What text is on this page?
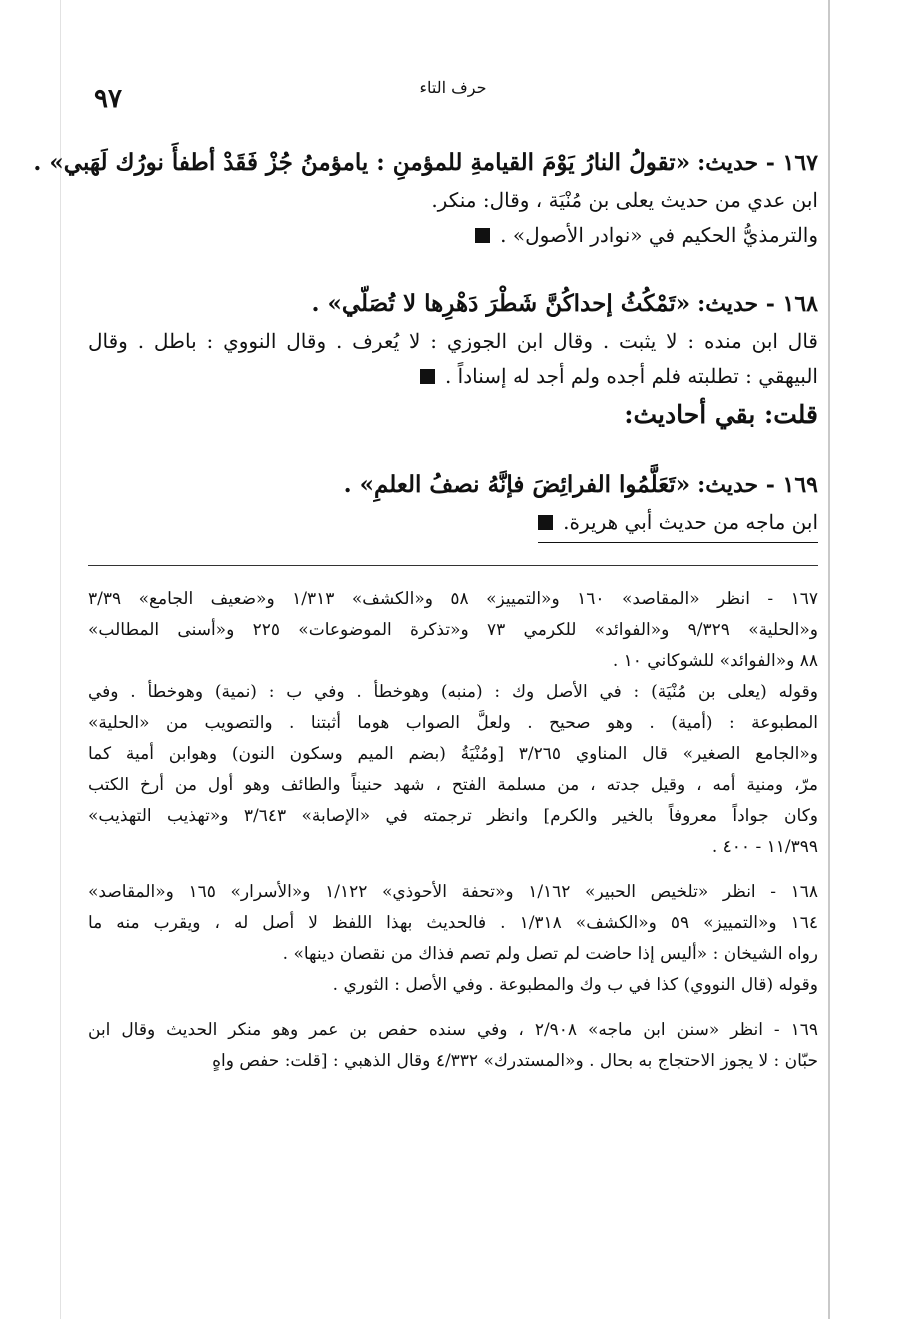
حرف التاء
٩٧
١٦٧ - حديث: «تقولُ النارُ يَوْمَ القيامةِ للمؤمنِ : يامؤمنُ جُزْ فَقَدْ أطفأَ نورُك لَهَبي» .
ابن عدي من حديث يعلى بن مُنْيَة ، وقال: منكر.
والترمذيُّ الحكيم في «نوادر الأصول» .
١٦٨ - حديث: «تَمْكُثُ إحداكُنَّ شَطْرَ دَهْرِها لا تُصَلّي» .
قال ابن منده : لا يثبت . وقال ابن الجوزي : لا يُعرف . وقال النووي : باطل . وقال
البيهقي : تطلبته فلم أجده ولم أجد له إسناداً .
قلت: بقي أحاديث:
١٦٩ - حديث: «تَعَلَّمُوا الفرائِضَ فإنَّهُ نصفُ العلمِ» .
ابن ماجه من حديث أبي هريرة.
١٦٧ - انظر «المقاصد» ١٦٠ و«التمييز» ٥٨ و«الكشف» ١/٣١٣ و«ضعيف الجامع» ٣/٣٩
و«الحلية» ٩/٣٢٩ و«الفوائد» للكرمي ٧٣ و«تذكرة الموضوعات» ٢٢٥ و«أسنى المطالب»
٨٨ و«الفوائد» للشوكاني ١٠ .
وقوله (يعلى بن مُنْيَة) : في الأصل وك : (منبه) وهوخطأ . وفي ب : (نمية) وهوخطأ . وفي
المطبوعة : (أمية) . وهو صحيح . ولعلَّ الصواب هوما أثبتنا . والتصويب من «الحلية»
و«الجامع الصغير» قال المناوي ٣/٢٦٥ [ومُنْيَةُ (بضم الميم وسكون النون) وهوابن أمية كما
مرّ، ومنية أمه ، وقيل جدته ، من مسلمة الفتح ، شهد حنيناً والطائف وهو أول من أرخ الكتب
وكان جواداً معروفاً بالخير والكرم] وانظر ترجمته في «الإصابة» ٣/٦٤٣ و«تهذيب التهذيب»
١١/٣٩٩ - ٤٠٠ .
١٦٨ - انظر «تلخيص الحبير» ١/١٦٢ و«تحفة الأحوذي» ١/١٢٢ و«الأسرار» ١٦٥ و«المقاصد»
١٦٤ و«التمييز» ٥٩ و«الكشف» ١/٣١٨ . فالحديث بهذا اللفظ لا أصل له ، ويقرب منه ما
رواه الشيخان : «أليس إذا حاضت لم تصل ولم تصم فذاك من نقصان دينها» .
وقوله (قال النووي) كذا في ب وك والمطبوعة . وفي الأصل : الثوري .
١٦٩ - انظر «سنن ابن ماجه» ٢/٩٠٨ ، وفي سنده حفص بن عمر وهو منكر الحديث وقال ابن
حبّان : لا يجوز الاحتجاج به بحال . و«المستدرك» ٤/٣٣٢ وقال الذهبي : [قلت: حفص واهٍ
